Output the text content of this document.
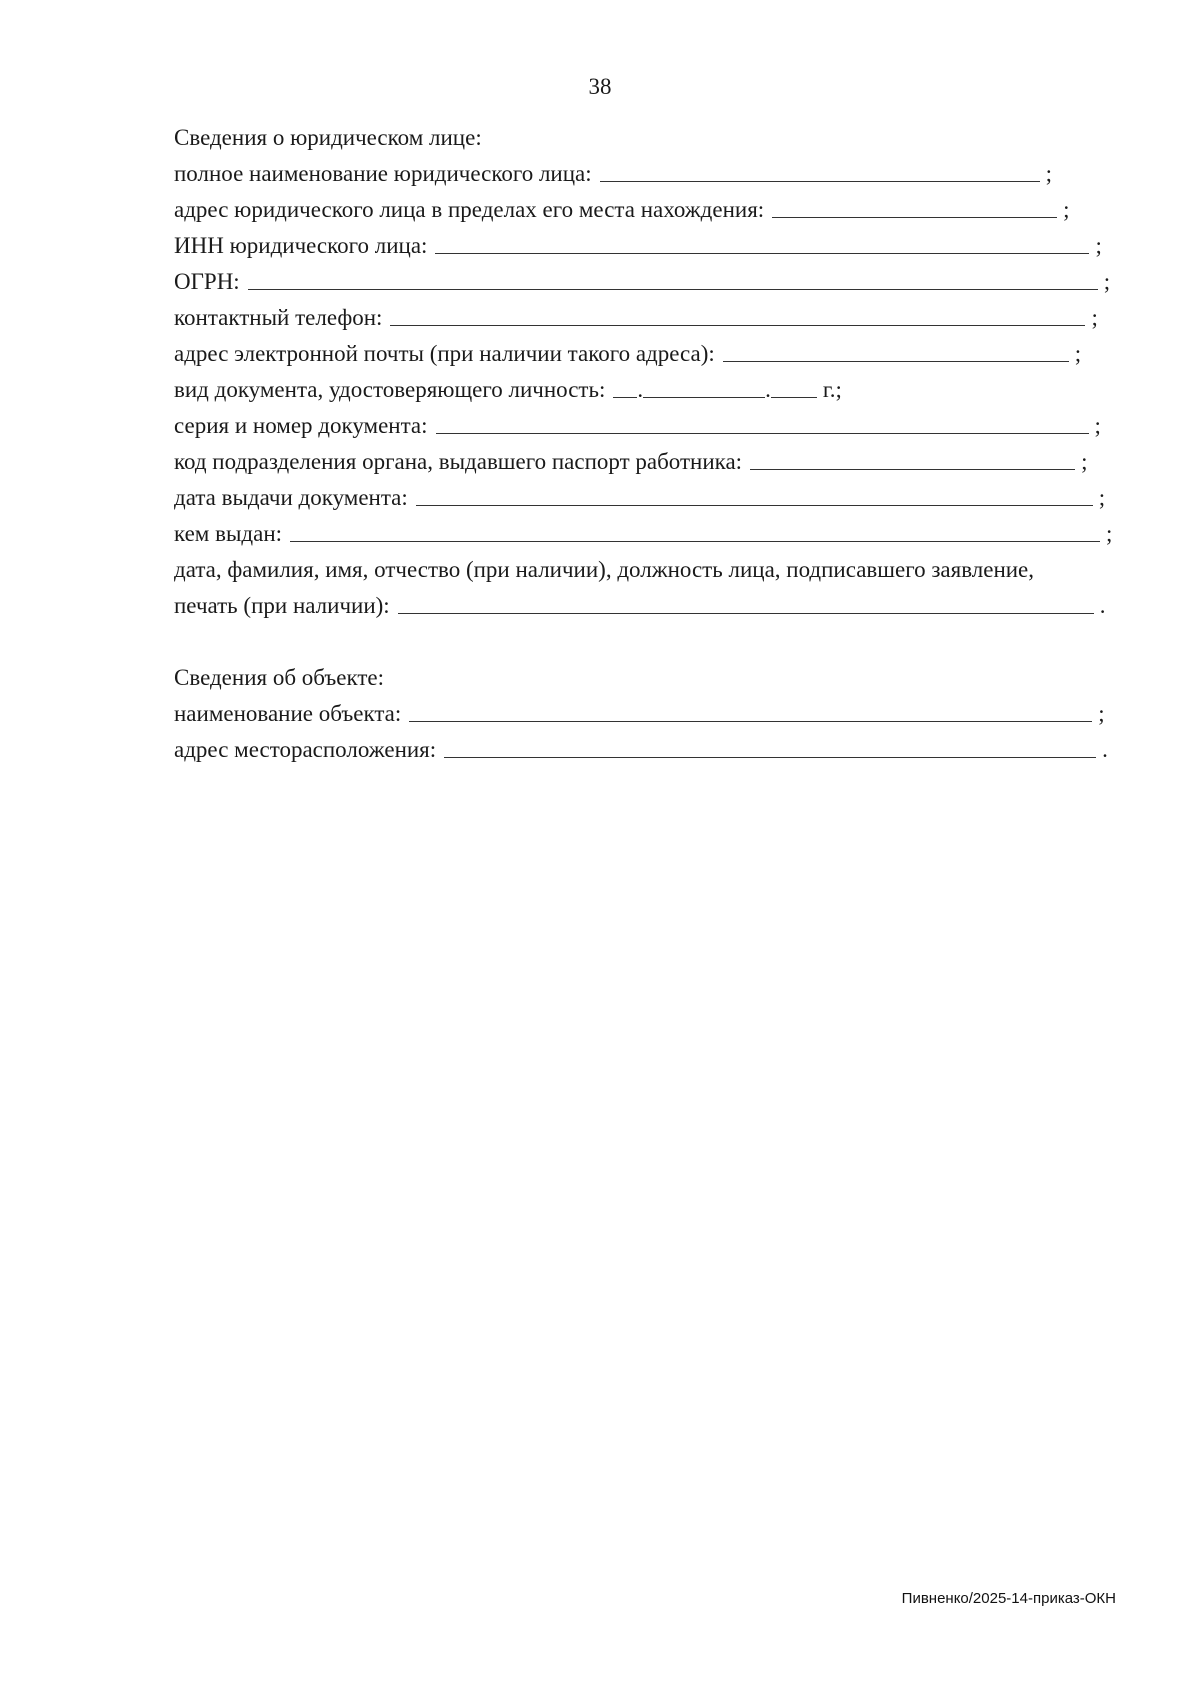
38
Сведения о юридическом лице:
полное наименование юридического лица:	;
адрес юридического лица в пределах его места нахождения:	;
ИНН юридического лица:	;
ОГРН:	;
контактный телефон:	;
адрес электронной почты (при наличии такого адреса):	;
вид документа, удостоверяющего личность:	.	. г.;
серия и номер документа:	;
код подразделения органа, выдавшего паспорт работника:	;
дата выдачи документа:	;
кем выдан:	;
дата, фамилия, имя, отчество (при наличии), должность лица, подписавшего заявление,
печать (при наличии):	.
Сведения об объекте:
наименование объекта:	;
адрес месторасположения:	.
Пивненко/2025-14-приказ-ОКН
